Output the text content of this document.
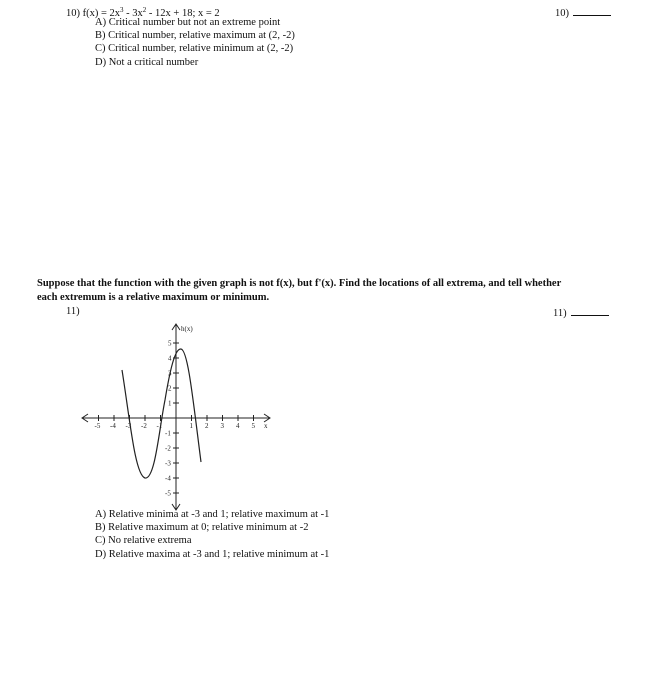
10) $f(x) = 2x^3 - 3x^2 - 12x + 18$; x = 2	10)
A) Critical number but not an extreme point
B) Critical number, relative maximum at (2, -2)
C) Critical number, relative minimum at (2, -2)
D) Not a critical number
Suppose that the function with the given graph is not f(x), but f'(x). Find the locations of all extrema, and tell whether
each extremum is a relative maximum or minimum.
11)	11)
-5 -4 -3 -2 -1	1 2 3 4 5
5
4
3
2
1
-1
-2
-3
-4
-5
h(x)
x
A) Relative minima at -3 and 1; relative maximum at -1
B) Relative maximum at 0; relative minimum at -2
C) No relative extrema
D) Relative maxima at -3 and 1; relative minimum at -1
